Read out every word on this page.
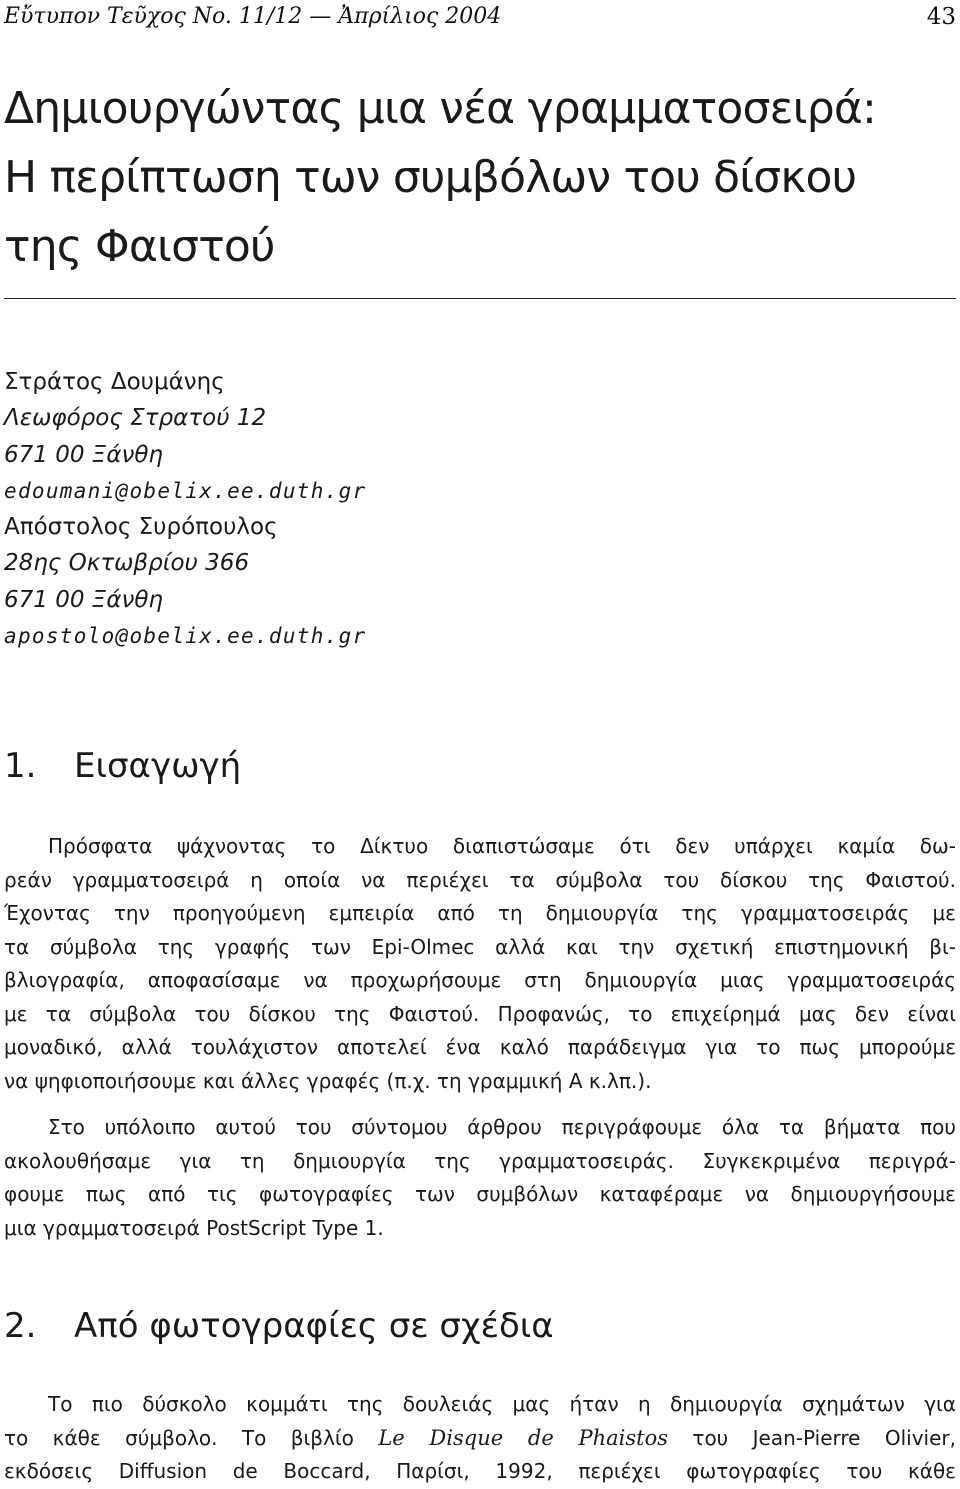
Εὔτυπον Τεῦχος No. 11/12 — Ἀπρίλιος 2004	43
Δημιουργώντας μια νέα γραμματοσειρά:
Η περίπτωση των συμβόλων του δίσκου
της Φαιστού
Στράτος Δουμάνης
Λεωφόρος Στρατού 12
671 00 Ξάνθη
edoumani@obelix.ee.duth.gr
Απόστολος Συρόπουλος
28ης Οκτωβρίου 366
671 00 Ξάνθη
apostolo@obelix.ee.duth.gr
1. Εισαγωγή
Πρόσφατα ψάχνοντας το Δίκτυο διαπιστώσαμε ότι δεν υπάρχει καμία δω-
ρεάν γραμματοσειρά η οποία να περιέχει τα σύμβολα του δίσκου της Φαιστού.
Έχοντας την προηγούμενη εμπειρία από τη δημιουργία της γραμματοσειράς με
τα σύμβολα της γραφής των Epi-Olmec αλλά και την σχετική επιστημονική βι-
βλιογραφία, αποφασίσαμε να προχωρήσουμε στη δημιουργία μιας γραμματοσειράς
με τα σύμβολα του δίσκου της Φαιστού. Προφανώς, το επιχείρημά μας δεν είναι
μοναδικό, αλλά τουλάχιστον αποτελεί ένα καλό παράδειγμα για το πως μπορούμε
να ψηφιοποιήσουμε και άλλες γραφές (π.χ. τη γραμμική Α κ.λπ.).
Στο υπόλοιπο αυτού του σύντομου άρθρου περιγράφουμε όλα τα βήματα που
ακολουθήσαμε για τη δημιουργία της γραμματοσειράς. Συγκεκριμένα περιγρά-
φουμε πως από τις φωτογραφίες των συμβόλων καταφέραμε να δημιουργήσουμε
μια γραμματοσειρά PostScript Type 1.
2. Από φωτογραφίες σε σχέδια
Το πιο δύσκολο κομμάτι της δουλειάς μας ήταν η δημιουργία σχημάτων για
το κάθε σύμβολο. Το βιβλίο Le Disque de Phaistos του Jean-Pierre Olivier,
εκδόσεις Diffusion de Boccard, Παρίσι, 1992, περιέχει φωτογραφίες του κάθε
